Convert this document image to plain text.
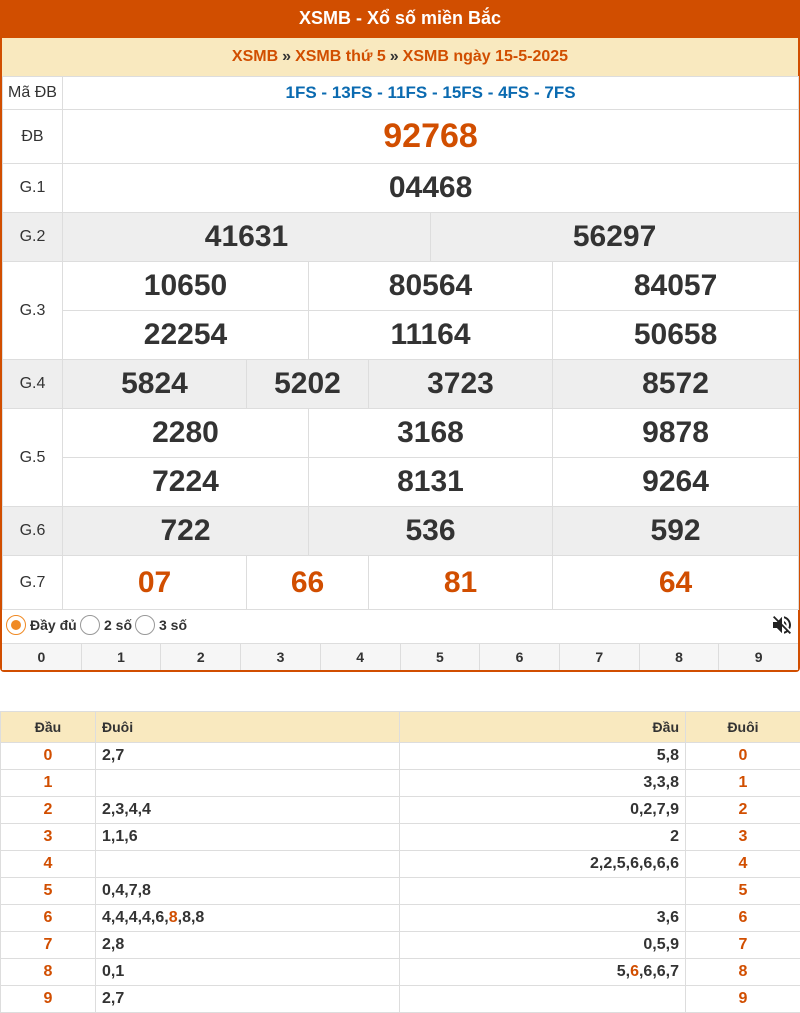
XSMB - Xổ số miền Bắc
XSMB » XSMB thứ 5 » XSMB ngày 15-5-2025
Mã ĐB	1FS - 13FS - 11FS - 15FS - 4FS - 7FS					
ĐB	92768					
G.1	04468					
G.2	41631				56297	
G.3	10650		80564			84057
	22254		11164			50658
G.4	5824	5202		3723		8572
G.5	2280		3168			9878
	7224		8131			9264
G.6	722		536			592
G.7	07	66		81		64
Đầy đủ 2 số 3 số
0	1	2	3	4	5	6	7	8	9
Đầu	Đuôi	Đầu	Đuôi
0	2,7	5,8	0
1		3,3,8	1
2	2,3,4,4	0,2,7,9	2
3	1,1,6	2	3
4		2,2,5,6,6,6,6	4
5	0,4,7,8		5
6	4,4,4,4,6,8,8,8	3,6	6
7	2,8	0,5,9	7
8	0,1	5,6,6,6,7	8
9	2,7		9
